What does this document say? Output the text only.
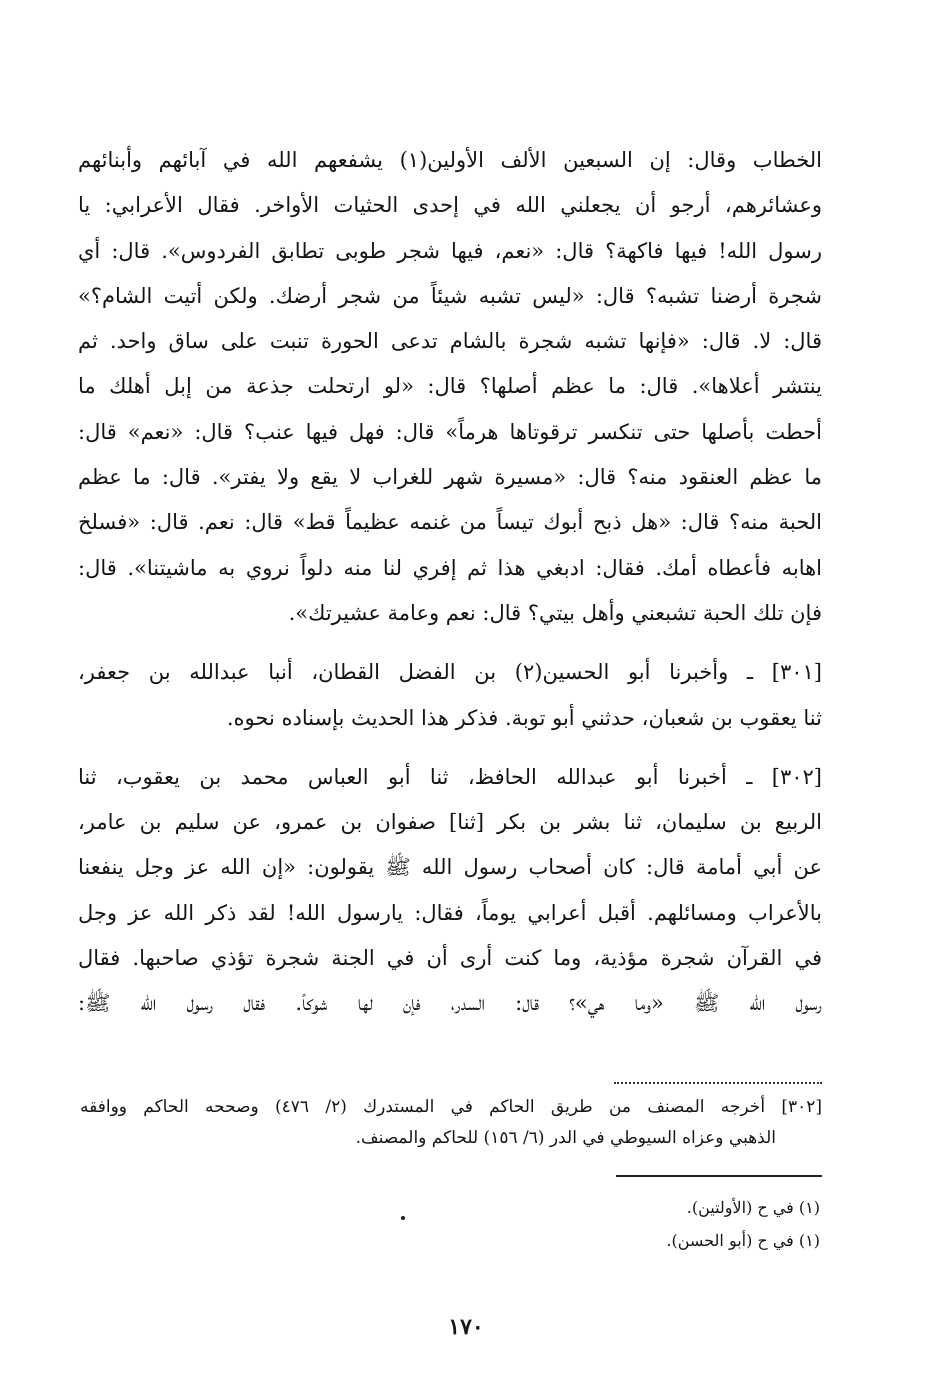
الخطاب وقال: إن السبعين الألف الأولين(١) يشفعهم الله في آبائهم وأبنائهم
وعشائرهم، أرجو أن يجعلني الله في إحدى الحثيات الأواخر. فقال الأعرابي: يا
رسول الله! فيها فاكهة؟ قال: «نعم، فيها شجر طوبى تطابق الفردوس». قال: أي
شجرة أرضنا تشبه؟ قال: «ليس تشبه شيئاً من شجر أرضك. ولكن أتيت الشام؟»
قال: لا. قال: «فإنها تشبه شجرة بالشام تدعى الحورة تنبت على ساق واحد. ثم
ينتشر أعلاها». قال: ما عظم أصلها؟ قال: «لو ارتحلت جذعة من إبل أهلك ما
أحطت بأصلها حتى تنكسر ترقوتاها هرماً» قال: فهل فيها عنب؟ قال: «نعم» قال:
ما عظم العنقود منه؟ قال: «مسيرة شهر للغراب لا يقع ولا يفتر». قال: ما عظم
الحبة منه؟ قال: «هل ذبح أبوك تيساً من غنمه عظيماً قط» قال: نعم. قال: «فسلخ
اهابه فأعطاه أمك. فقال: ادبغي هذا ثم إفري لنا منه دلواً نروي به ماشيتنا». قال:
فإن تلك الحبة تشبعني وأهل بيتي؟ قال: نعم وعامة عشيرتك».
[٣٠١] ـ وأخبرنا أبو الحسين(٢) بن الفضل القطان، أنبا عبدالله بن جعفر،
ثنا يعقوب بن شعبان، حدثني أبو توبة. فذكر هذا الحديث بإسناده نحوه.
[٣٠٢] ـ أخبرنا أبو عبدالله الحافظ، ثنا أبو العباس محمد بن يعقوب، ثنا
الربيع بن سليمان، ثنا بشر بن بكر [ثنا] صفوان بن عمرو، عن سليم بن عامر،
عن أبي أمامة قال: كان أصحاب رسول الله ﷺ يقولون: «إن الله عز وجل ينفعنا
بالأعراب ومسائلهم. أقبل أعرابي يوماً، فقال: يارسول الله! لقد ذكر الله عز وجل
في القرآن شجرة مؤذية، وما كنت أرى أن في الجنة شجرة تؤذي صاحبها. فقال
رسول الله ﷺ «وما هي»؟ قال: السدر، فإن لها شوكاً. فقال رسول الله ﷺ:
[٣٠٢] أخرجه المصنف من طريق الحاكم في المستدرك (٢/ ٤٧٦) وصححه الحاكم ووافقه
الذهبي وعزاه السيوطي في الدر (٦/ ١٥٦) للحاكم والمصنف.
(١) في ح (الأولتين).
(١) في ح (أبو الحسن).
١٧٠
